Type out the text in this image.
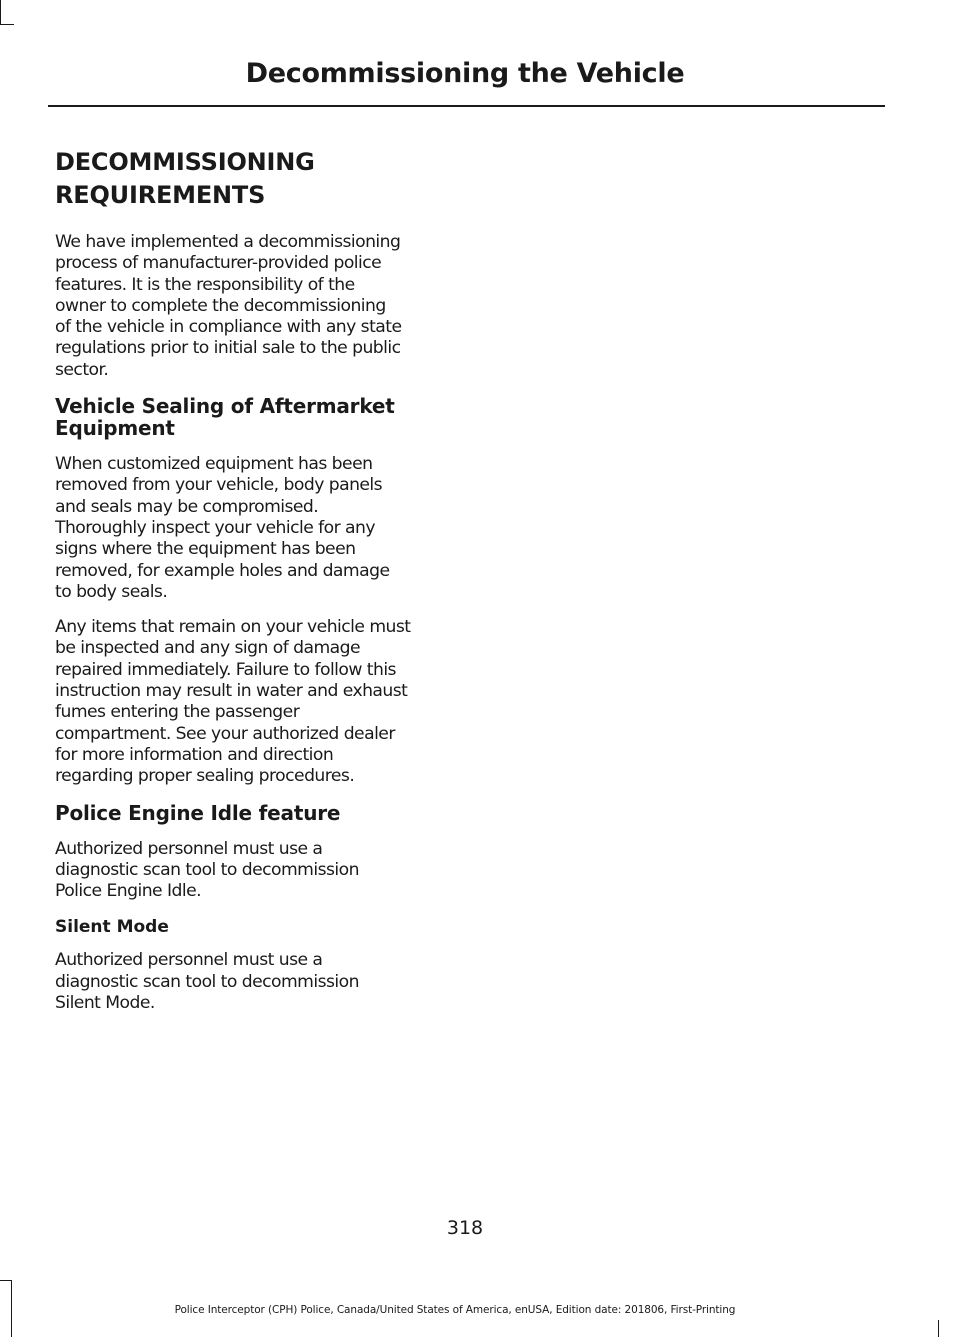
Decommissioning the Vehicle
DECOMMISSIONING
REQUIREMENTS

We have implemented a decommissioning
process of manufacturer-provided police
features. It is the responsibility of the
owner to complete the decommissioning
of the vehicle in compliance with any state
regulations prior to initial sale to the public
sector.

Vehicle Sealing of Aftermarket
Equipment

When customized equipment has been
removed from your vehicle, body panels
and seals may be compromised.
Thoroughly inspect your vehicle for any
signs where the equipment has been
removed, for example holes and damage
to body seals.

Any items that remain on your vehicle must
be inspected and any sign of damage
repaired immediately. Failure to follow this
instruction may result in water and exhaust
fumes entering the passenger
compartment. See your authorized dealer
for more information and direction
regarding proper sealing procedures.

Police Engine Idle feature

Authorized personnel must use a
diagnostic scan tool to decommission
Police Engine Idle.

Silent Mode

Authorized personnel must use a
diagnostic scan tool to decommission
Silent Mode.

318
Police Interceptor (CPH) Police, Canada/United States of America, enUSA, Edition date: 201806, First-Printing
